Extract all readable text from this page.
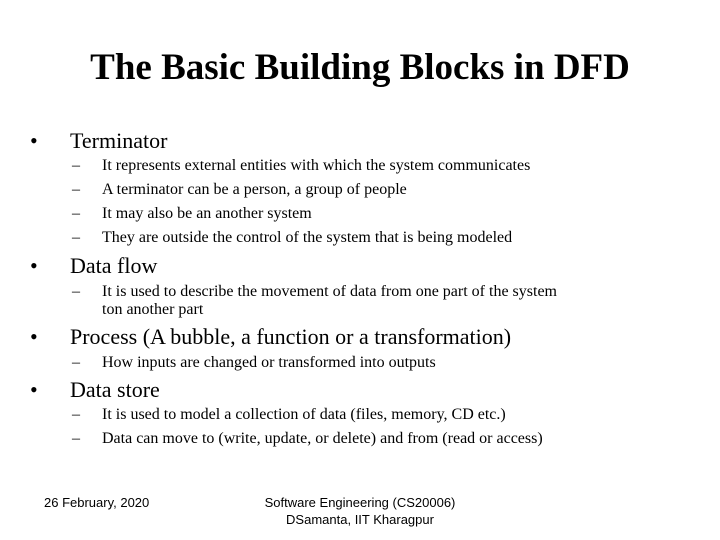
The Basic Building Blocks in DFD
• Terminator
– It represents external entities with which the system communicates
– A terminator can be a person, a group of people
– It may also be an another system
– They are outside the control of the system that is being modeled
• Data flow
– It is used to describe the movement of data from one part of the system
ton another part
• Process (A bubble, a function or a transformation)
– How inputs are changed or transformed into outputs
• Data store
– It is used to model a collection of data (files, memory, CD etc.)
– Data can move to (write, update, or delete) and from (read or access)
26 February, 2020	Software Engineering (CS20006)
DSamanta, IIT Kharagpur
